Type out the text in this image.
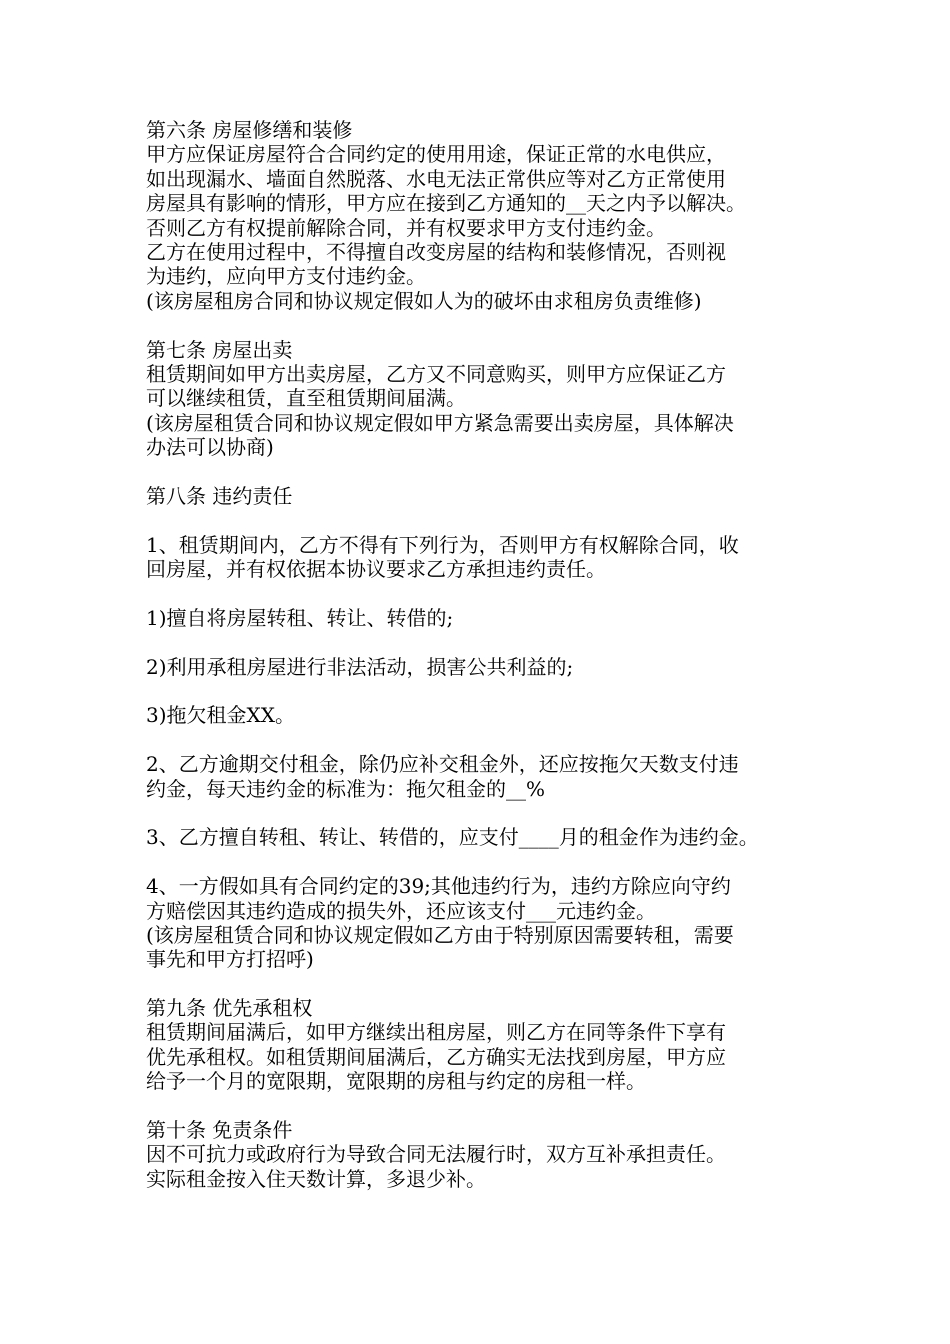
第六条 房屋修缮和装修
甲方应保证房屋符合合同约定的使用用途，保证正常的水电供应，
如出现漏水、墙面自然脱落、水电无法正常供应等对乙方正常使用
房屋具有影响的情形，甲方应在接到乙方通知的__天之内予以解决。
否则乙方有权提前解除合同，并有权要求甲方支付违约金。
乙方在使用过程中，不得擅自改变房屋的结构和装修情况，否则视
为违约，应向甲方支付违约金。
(该房屋租房合同和协议规定假如人为的破坏由求租房负责维修)
第七条 房屋出卖
租赁期间如甲方出卖房屋，乙方又不同意购买，则甲方应保证乙方
可以继续租赁，直至租赁期间届满。
(该房屋租赁合同和协议规定假如甲方紧急需要出卖房屋，具体解决
办法可以协商)
第八条 违约责任
1、租赁期间内，乙方不得有下列行为，否则甲方有权解除合同，收
回房屋，并有权依据本协议要求乙方承担违约责任。
1)擅自将房屋转租、转让、转借的;
2)利用承租房屋进行非法活动，损害公共利益的;
3)拖欠租金XX。
2、乙方逾期交付租金，除仍应补交租金外，还应按拖欠天数支付违
约金，每天违约金的标准为：拖欠租金的__%
3、乙方擅自转租、转让、转借的，应支付____月的租金作为违约金。
4、一方假如具有合同约定的39;其他违约行为，违约方除应向守约
方赔偿因其违约造成的损失外，还应该支付___元违约金。
(该房屋租赁合同和协议规定假如乙方由于特别原因需要转租，需要
事先和甲方打招呼)
第九条 优先承租权
租赁期间届满后，如甲方继续出租房屋，则乙方在同等条件下享有
优先承租权。如租赁期间届满后，乙方确实无法找到房屋，甲方应
给予一个月的宽限期，宽限期的房租与约定的房租一样。
第十条 免责条件
因不可抗力或政府行为导致合同无法履行时，双方互补承担责任。
实际租金按入住天数计算，多退少补。
